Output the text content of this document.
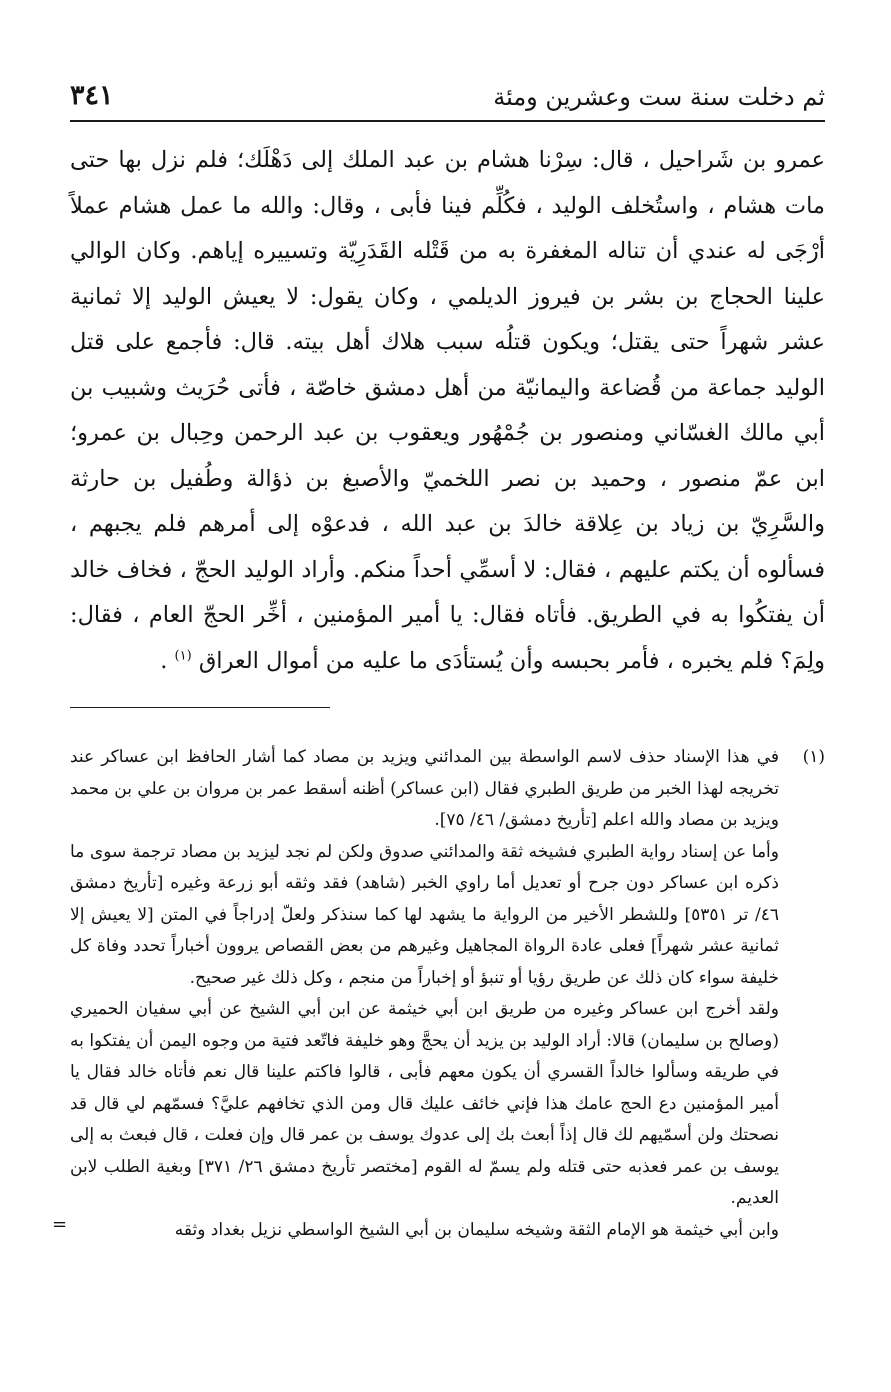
ثم دخلت سنة ست وعشرين ومئة
٣٤١

عمرو بن شَراحيل ، قال: سِرْنا هشام بن عبد الملك إلى دَهْلَك؛ فلم نزل بها حتى مات هشام ، واستُخلف الوليد ، فكُلِّم فينا فأبى ، وقال: والله ما عمل هشام عملاً أرْجَى له عندي أن تناله المغفرة به من قَتْله القَدَرِيّة وتسييره إياهم. وكان الوالي علينا الحجاج بن بشر بن فيروز الديلمي ، وكان يقول: لا يعيش الوليد إلا ثمانية عشر شهراً حتى يقتل؛ ويكون قتلُه سبب هلاك أهل بيته. قال: فأجمع على قتل الوليد جماعة من قُضاعة واليمانيّة من أهل دمشق خاصّة ، فأتى حُرَيث وشبيب بن أبي مالك الغسّاني ومنصور بن جُمْهُور ويعقوب بن عبد الرحمن وحِبال بن عمرو؛ ابن عمّ منصور ، وحميد بن نصر اللخميّ والأصبغ بن ذؤالة وطُفيل بن حارثة والسَّرِيّ بن زياد بن عِلاقة خالدَ بن عبد الله ، فدعوْه إلى أمرهم فلم يجبهم ، فسألوه أن يكتم عليهم ، فقال: لا أسمِّي أحداً منكم. وأراد الوليد الحجّ ، فخاف خالد أن يفتكُوا به في الطريق. فأتاه فقال: يا أمير المؤمنين ، أخِّر الحجّ العام ، فقال: ولِمَ؟ فلم يخبره ، فأمر بحبسه وأن يُستأدَى ما عليه من أموال العراق $^{(١)}$ .

(١)

في هذا الإسناد حذف لاسم الواسطة بين المدائني ويزيد بن مصاد كما أشار الحافظ ابن عساكر عند تخريجه لهذا الخبر من طريق الطبري فقال (ابن عساكر) أظنه أسقط عمر بن مروان بن علي بن محمد ويزيد بن مصاد والله اعلم [تأريخ دمشق/ ٤٦/ ٧٥].

وأما عن إسناد رواية الطبري فشيخه ثقة والمدائني صدوق ولكن لم نجد ليزيد بن مصاد ترجمة سوى ما ذكره ابن عساكر دون جرح أو تعديل أما راوي الخبر (شاهد) فقد وثقه أبو زرعة وغيره [تأريخ دمشق ٤٦/ تر ٥٣٥١] وللشطر الأخير من الرواية ما يشهد لها كما سنذكر ولعلّ إدراجاً في المتن [لا يعيش إلا ثمانية عشر شهراً] فعلى عادة الرواة المجاهيل وغيرهم من بعض القصاص يروون أخباراً تحدد وفاة كل خليفة سواء كان ذلك عن طريق رؤيا أو تنبؤ أو إخباراً من منجم ، وكل ذلك غير صحيح.

ولقد أخرج ابن عساكر وغيره من طريق ابن أبي خيثمة عن ابن أبي الشيخ عن أبي سفيان الحميري (وصالح بن سليمان) قالا: أراد الوليد بن يزيد أن يحجَّ وهو خليفة فاتّعد فتية من وجوه اليمن أن يفتكوا به في طريقه وسألوا خالداً القسري أن يكون معهم فأبى ، قالوا فاكتم علينا قال نعم فأتاه خالد فقال يا أمير المؤمنين دع الحج عامك هذا فإني خائف عليك قال ومن الذي تخافهم عليَّ؟ فسمّهم لي قال قد نصحتك ولن أسمّيهم لك قال إذاً أبعث بك إلى عدوك يوسف بن عمر قال وإن فعلت ، قال فبعث به إلى يوسف بن عمر فعذبه حتى قتله ولم يسمّ له القوم [مختصر تأريخ دمشق ٢٦/ ٣٧١] وبغية الطلب لابن العديم.

وابن أبي خيثمة هو الإمام الثقة وشيخه سليمان بن أبي الشيخ الواسطي نزيل بغداد وثقه
=
